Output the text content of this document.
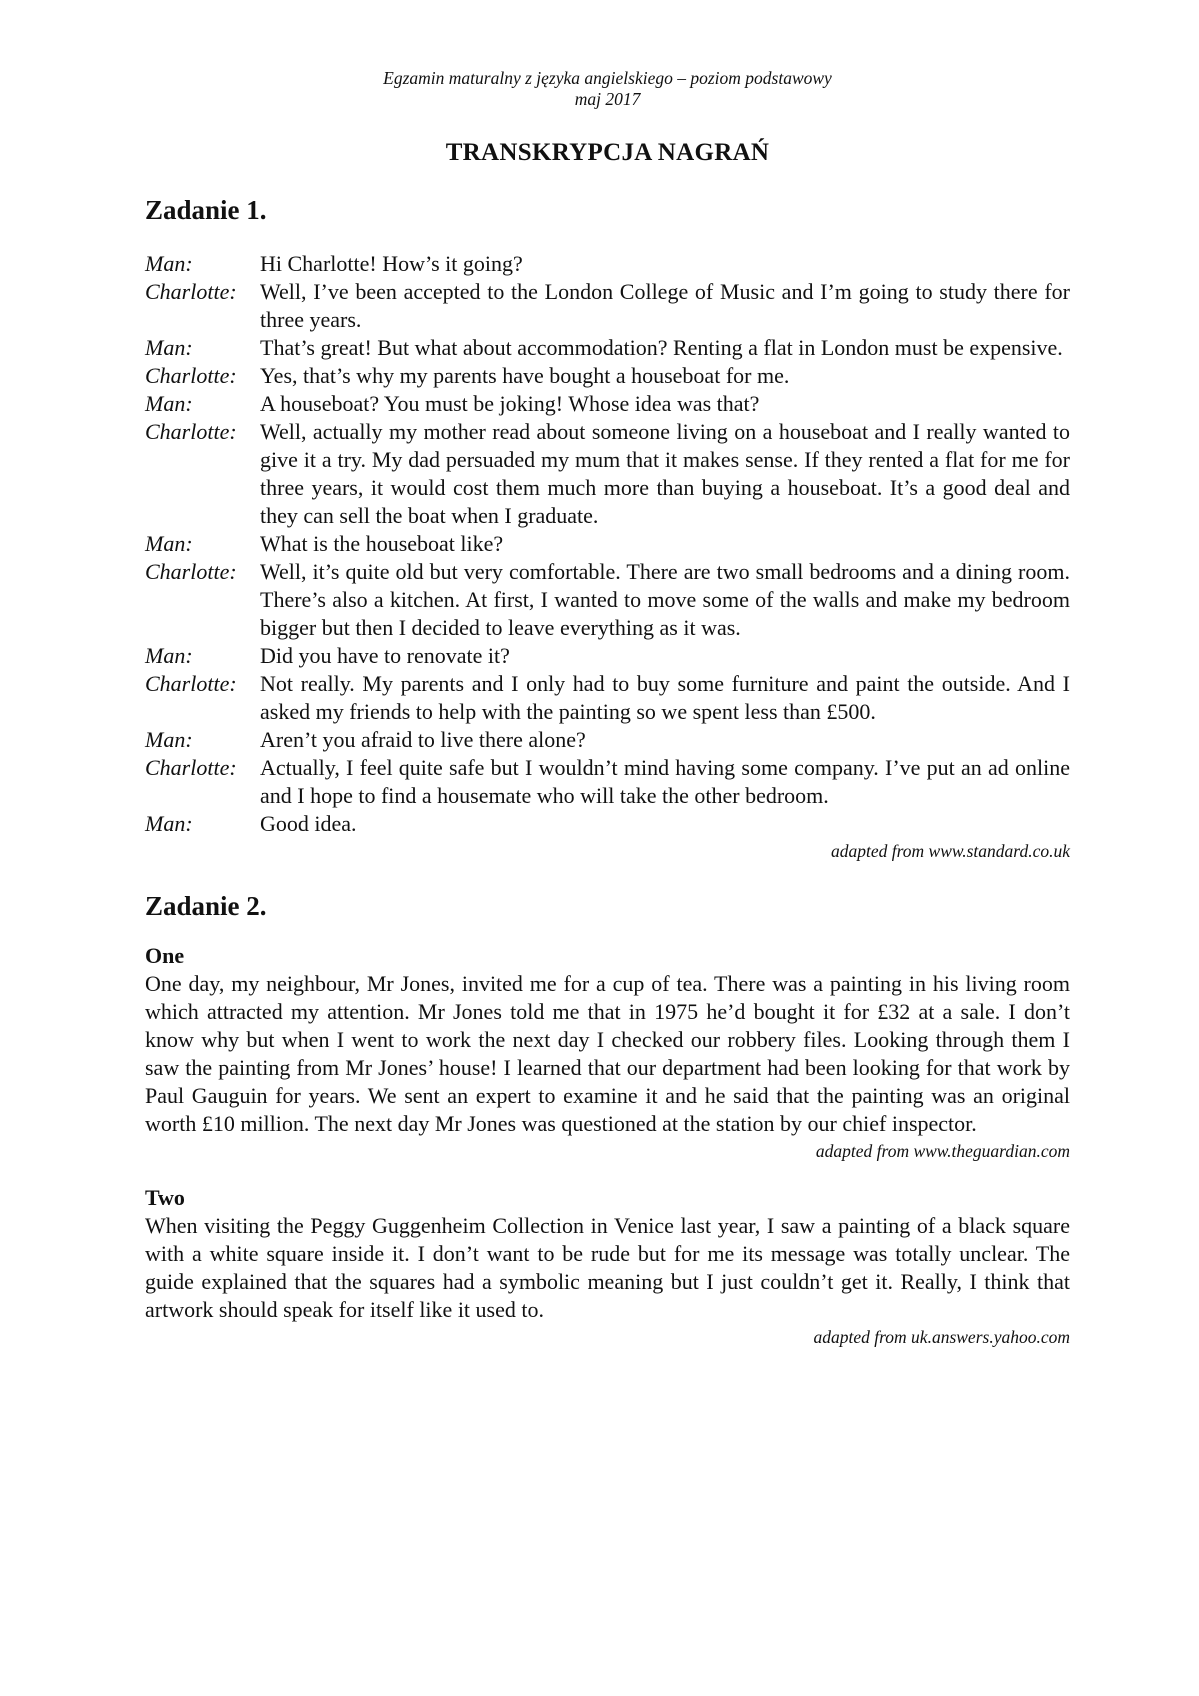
Egzamin maturalny z języka angielskiego – poziom podstawowy
maj 2017
TRANSKRYPCJA NAGRAŃ
Zadanie 1.
Man:	Hi Charlotte! How’s it going?
Charlotte:	Well, I’ve been accepted to the London College of Music and I’m going to study there for three years.
Man:	That’s great! But what about accommodation? Renting a flat in London must be expensive.
Charlotte:	Yes, that’s why my parents have bought a houseboat for me.
Man:	A houseboat? You must be joking! Whose idea was that?
Charlotte:	Well, actually my mother read about someone living on a houseboat and I really wanted to give it a try. My dad persuaded my mum that it makes sense. If they rented a flat for me for three years, it would cost them much more than buying a houseboat. It’s a good deal and they can sell the boat when I graduate.
Man:	What is the houseboat like?
Charlotte:	Well, it’s quite old but very comfortable. There are two small bedrooms and a dining room. There’s also a kitchen. At first, I wanted to move some of the walls and make my bedroom bigger but then I decided to leave everything as it was.
Man:	Did you have to renovate it?
Charlotte:	Not really. My parents and I only had to buy some furniture and paint the outside. And I asked my friends to help with the painting so we spent less than £500.
Man:	Aren’t you afraid to live there alone?
Charlotte:	Actually, I feel quite safe but I wouldn’t mind having some company. I’ve put an ad online and I hope to find a housemate who will take the other bedroom.
Man:	Good idea.
adapted from www.standard.co.uk
Zadanie 2.
One
One day, my neighbour, Mr Jones, invited me for a cup of tea. There was a painting in his living room which attracted my attention. Mr Jones told me that in 1975 he’d bought it for £32 at a sale. I don’t know why but when I went to work the next day I checked our robbery files. Looking through them I saw the painting from Mr Jones’ house! I learned that our department had been looking for that work by Paul Gauguin for years. We sent an expert to examine it and he said that the painting was an original worth £10 million. The next day Mr Jones was questioned at the station by our chief inspector.
adapted from www.theguardian.com
Two
When visiting the Peggy Guggenheim Collection in Venice last year, I saw a painting of a black square with a white square inside it. I don’t want to be rude but for me its message was totally unclear. The guide explained that the squares had a symbolic meaning but I just couldn’t get it. Really, I think that artwork should speak for itself like it used to.
adapted from uk.answers.yahoo.com
